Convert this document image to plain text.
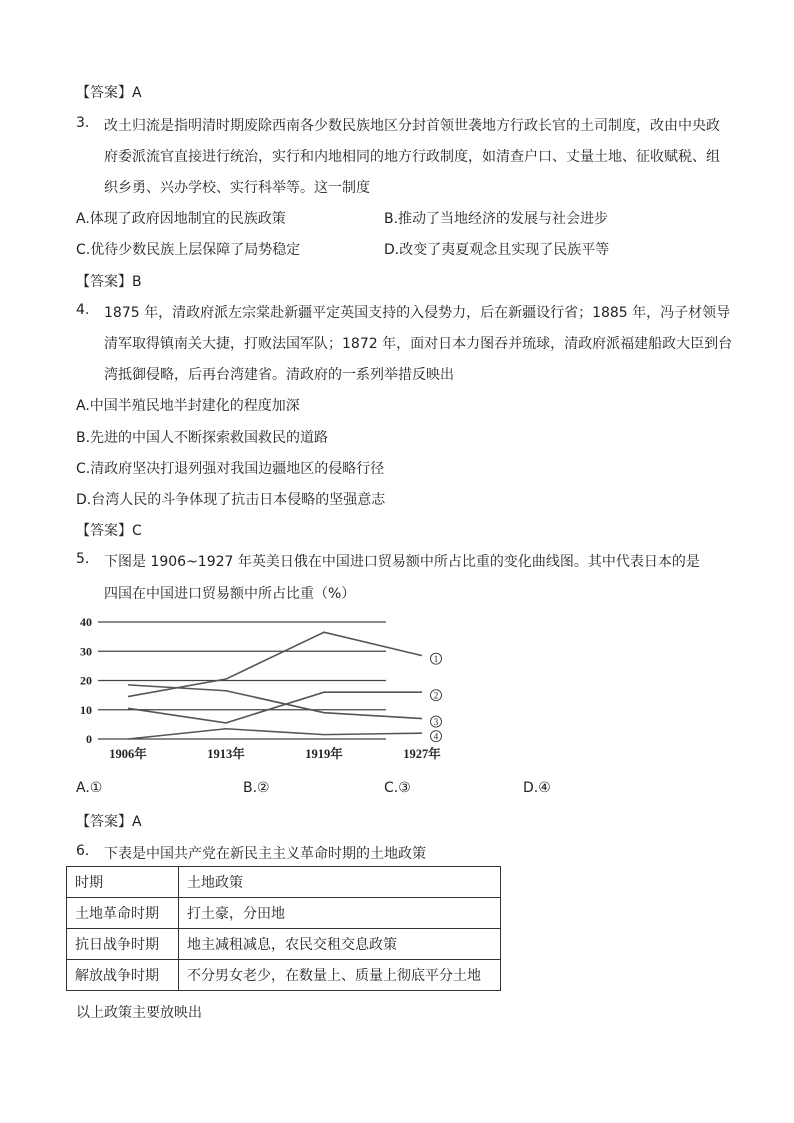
【答案】A
3. 改土归流是指明清时期废除西南各少数民族地区分封首领世袭地方行政长官的土司制度，改由中央政
府委派流官直接进行统治，实行和内地相同的地方行政制度，如清查户口、丈量土地、征收赋税、组
织乡勇、兴办学校、实行科举等。这一制度
A.体现了政府因地制宜的民族政策	B.推动了当地经济的发展与社会进步
C.优待少数民族上层保障了局势稳定	D.改变了夷夏观念且实现了民族平等
【答案】B
4. 1875 年，清政府派左宗棠赴新疆平定英国支持的入侵势力，后在新疆设行省；1885 年，冯子材领导
清军取得镇南关大捷，打败法国军队；1872 年，面对日本力图吞并琉球，清政府派福建船政大臣到台
湾抵御侵略，后再台湾建省。清政府的一系列举措反映出
A.中国半殖民地半封建化的程度加深
B.先进的中国人不断探索救国救民的道路
C.清政府坚决打退列强对我国边疆地区的侵略行径
D.台湾人民的斗争体现了抗击日本侵略的坚强意志
【答案】C
5. 下图是 1906~1927 年英美日俄在中国进口贸易额中所占比重的变化曲线图。其中代表日本的是
四国在中国进口贸易额中所占比重（%）
0
10
20
30
40
1906年	1913年	1919年	1927年
1
2
3
4
A.①	B.②	C.③	D.④
【答案】A
6. 下表是中国共产党在新民主主义革命时期的土地政策
时期	土地政策
土地革命时期	打土豪，分田地
抗日战争时期	地主减租减息，农民交租交息政策
解放战争时期	不分男女老少，在数量上、质量上彻底平分土地
以上政策主要放映出
